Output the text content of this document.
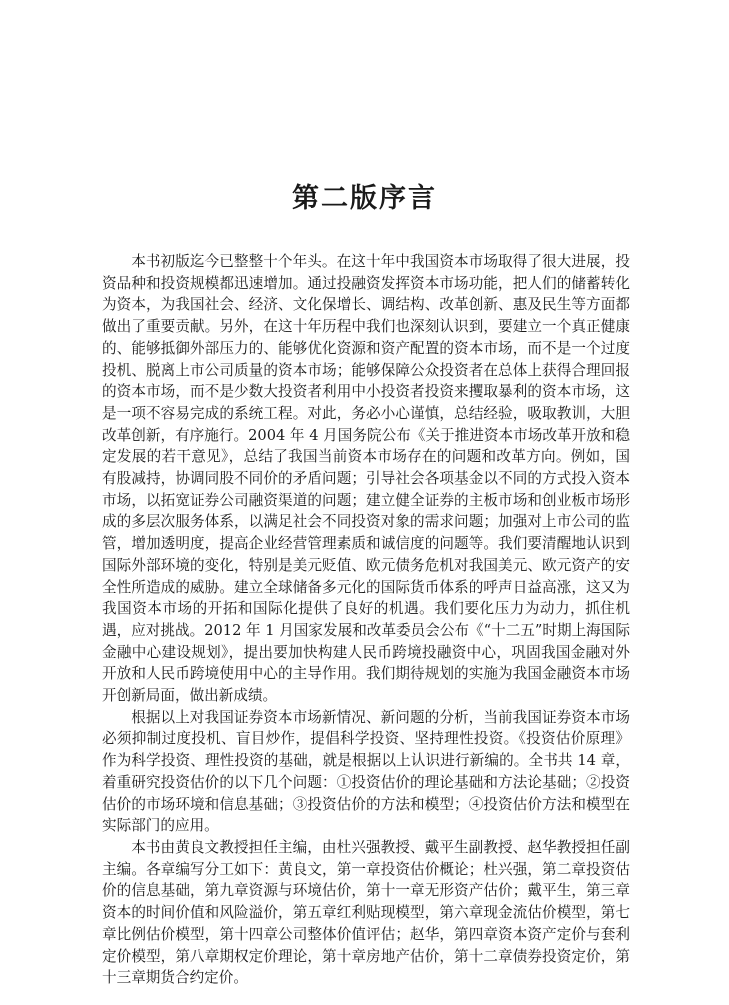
第二版序言

本书初版迄今已整整十个年头。在这十年中我国资本市场取得了很大进展，投资品种和投资规模都迅速增加。通过投融资发挥资本市场功能，把人们的储蓄转化为资本，为我国社会、经济、文化保增长、调结构、改革创新、惠及民生等方面都做出了重要贡献。另外，在这十年历程中我们也深刻认识到，要建立一个真正健康的、能够抵御外部压力的、能够优化资源和资产配置的资本市场，而不是一个过度投机、脱离上市公司质量的资本市场；能够保障公众投资者在总体上获得合理回报的资本市场，而不是少数大投资者利用中小投资者投资来攫取暴利的资本市场，这是一项不容易完成的系统工程。对此，务必小心谨慎，总结经验，吸取教训，大胆改革创新，有序施行。2004 年 4 月国务院公布《关于推进资本市场改革开放和稳定发展的若干意见》，总结了我国当前资本市场存在的问题和改革方向。例如，国有股减持，协调同股不同价的矛盾问题；引导社会各项基金以不同的方式投入资本市场，以拓宽证券公司融资渠道的问题；建立健全证券的主板市场和创业板市场形成的多层次服务体系，以满足社会不同投资对象的需求问题；加强对上市公司的监管，增加透明度，提高企业经营管理素质和诚信度的问题等。我们要清醒地认识到国际外部环境的变化，特别是美元贬值、欧元债务危机对我国美元、欧元资产的安全性所造成的威胁。建立全球储备多元化的国际货币体系的呼声日益高涨，这又为我国资本市场的开拓和国际化提供了良好的机遇。我们要化压力为动力，抓住机遇，应对挑战。2012 年 1 月国家发展和改革委员会公布《“十二五”时期上海国际金融中心建设规划》，提出要加快构建人民币跨境投融资中心，巩固我国金融对外开放和人民币跨境使用中心的主导作用。我们期待规划的实施为我国金融资本市场开创新局面，做出新成绩。

根据以上对我国证券资本市场新情况、新问题的分析，当前我国证券资本市场必须抑制过度投机、盲目炒作，提倡科学投资、坚持理性投资。《投资估价原理》作为科学投资、理性投资的基础，就是根据以上认识进行新编的。全书共 14 章，着重研究投资估价的以下几个问题：①投资估价的理论基础和方法论基础；②投资估价的市场环境和信息基础；③投资估价的方法和模型；④投资估价方法和模型在实际部门的应用。

本书由黄良文教授担任主编，由杜兴强教授、戴平生副教授、赵华教授担任副主编。各章编写分工如下：黄良文，第一章投资估价概论；杜兴强，第二章投资估价的信息基础，第九章资源与环境估价，第十一章无形资产估价；戴平生，第三章资本的时间价值和风险溢价，第五章红利贴现模型，第六章现金流估价模型，第七章比例估价模型，第十四章公司整体价值评估；赵华，第四章资本资产定价与套利定价模型，第八章期权定价理论，第十章房地产估价，第十二章债券投资定价，第十三章期货合约定价。
